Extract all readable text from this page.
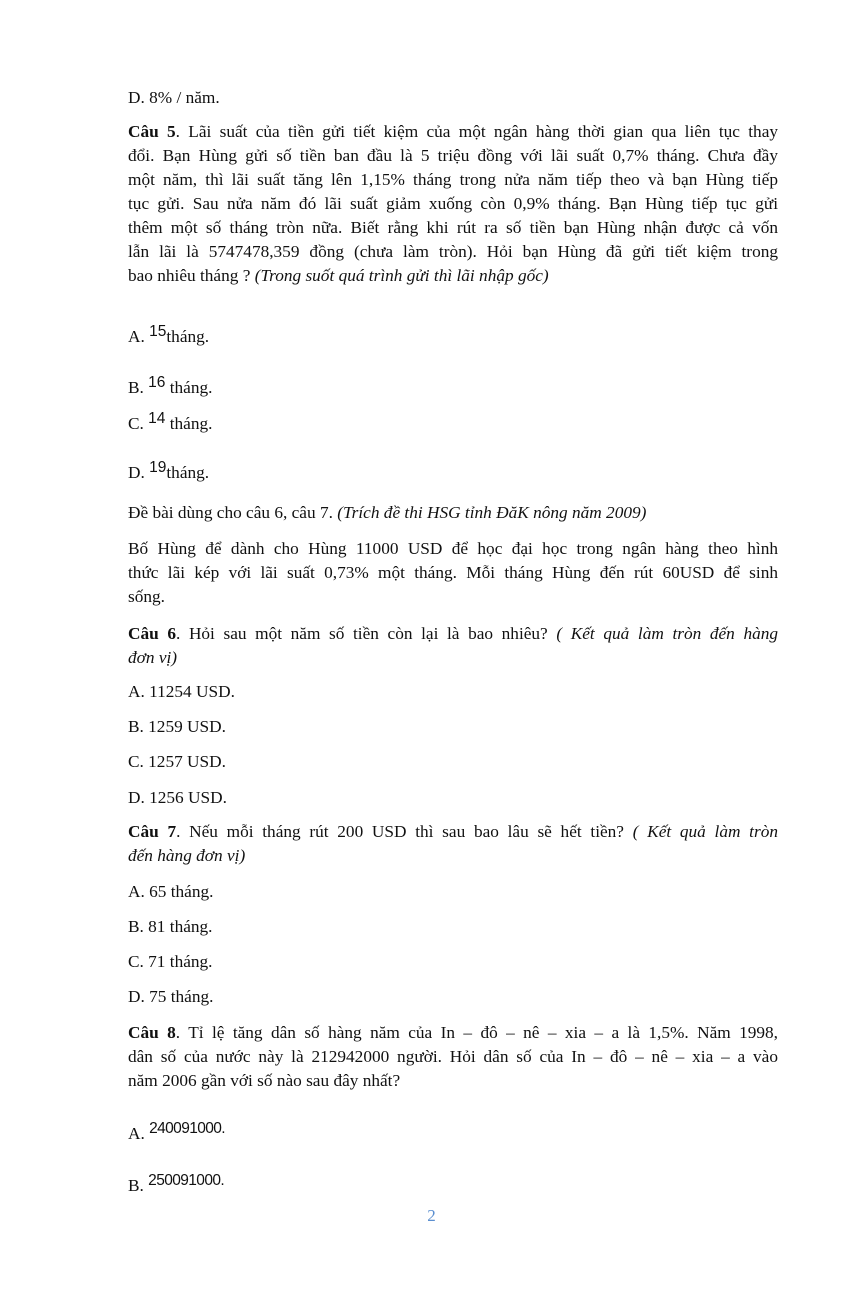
D. 8% / năm.

Câu 5. Lãi suất của tiền gửi tiết kiệm của một ngân hàng thời gian qua liên tục thay
đổi. Bạn Hùng gửi số tiền ban đầu là 5 triệu đồng với lãi suất 0,7% tháng. Chưa đầy
một năm, thì lãi suất tăng lên 1,15% tháng trong nửa năm tiếp theo và bạn Hùng tiếp
tục gửi. Sau nửa năm đó lãi suất giảm xuống còn 0,9% tháng. Bạn Hùng tiếp tục gửi
thêm một số tháng tròn nữa. Biết rằng khi rút ra số tiền bạn Hùng nhận được cả vốn
lẫn lãi là 5747478,359 đồng (chưa làm tròn). Hỏi bạn Hùng đã gửi tiết kiệm trong
bao nhiêu tháng ? (Trong suốt quá trình gửi thì lãi nhập gốc)

A. 15tháng.

B. 16 tháng.

C. 14 tháng.

D. 19tháng.

Đề bài dùng cho câu 6, câu 7. (Trích đề thi HSG tỉnh ĐăK nông năm 2009)

Bố Hùng để dành cho Hùng 11000 USD để học đại học trong ngân hàng theo hình
thức lãi kép với lãi suất 0,73% một tháng. Mỗi tháng Hùng đến rút 60USD để sinh
sống.
Câu 6. Hỏi sau một năm số tiền còn lại là bao nhiêu? ( Kết quả làm tròn đến hàng
đơn vị)

A. 11254 USD.

B. 1259 USD.

C. 1257 USD.

D. 1256 USD.

Câu 7. Nếu mỗi tháng rút 200 USD thì sau bao lâu sẽ hết tiền? ( Kết quả làm tròn
đến hàng đơn vị)

A. 65 tháng.

B. 81 tháng.

C. 71 tháng.

D. 75 tháng.

Câu 8. Tỉ lệ tăng dân số hàng năm của In – đô – nê – xia – a là 1,5%. Năm 1998,
dân số của nước này là 212942000 người. Hỏi dân số của In – đô – nê – xia – a vào
năm 2006 gần với số nào sau đây nhất?

A. 240091000.

B. 250091000.

2
